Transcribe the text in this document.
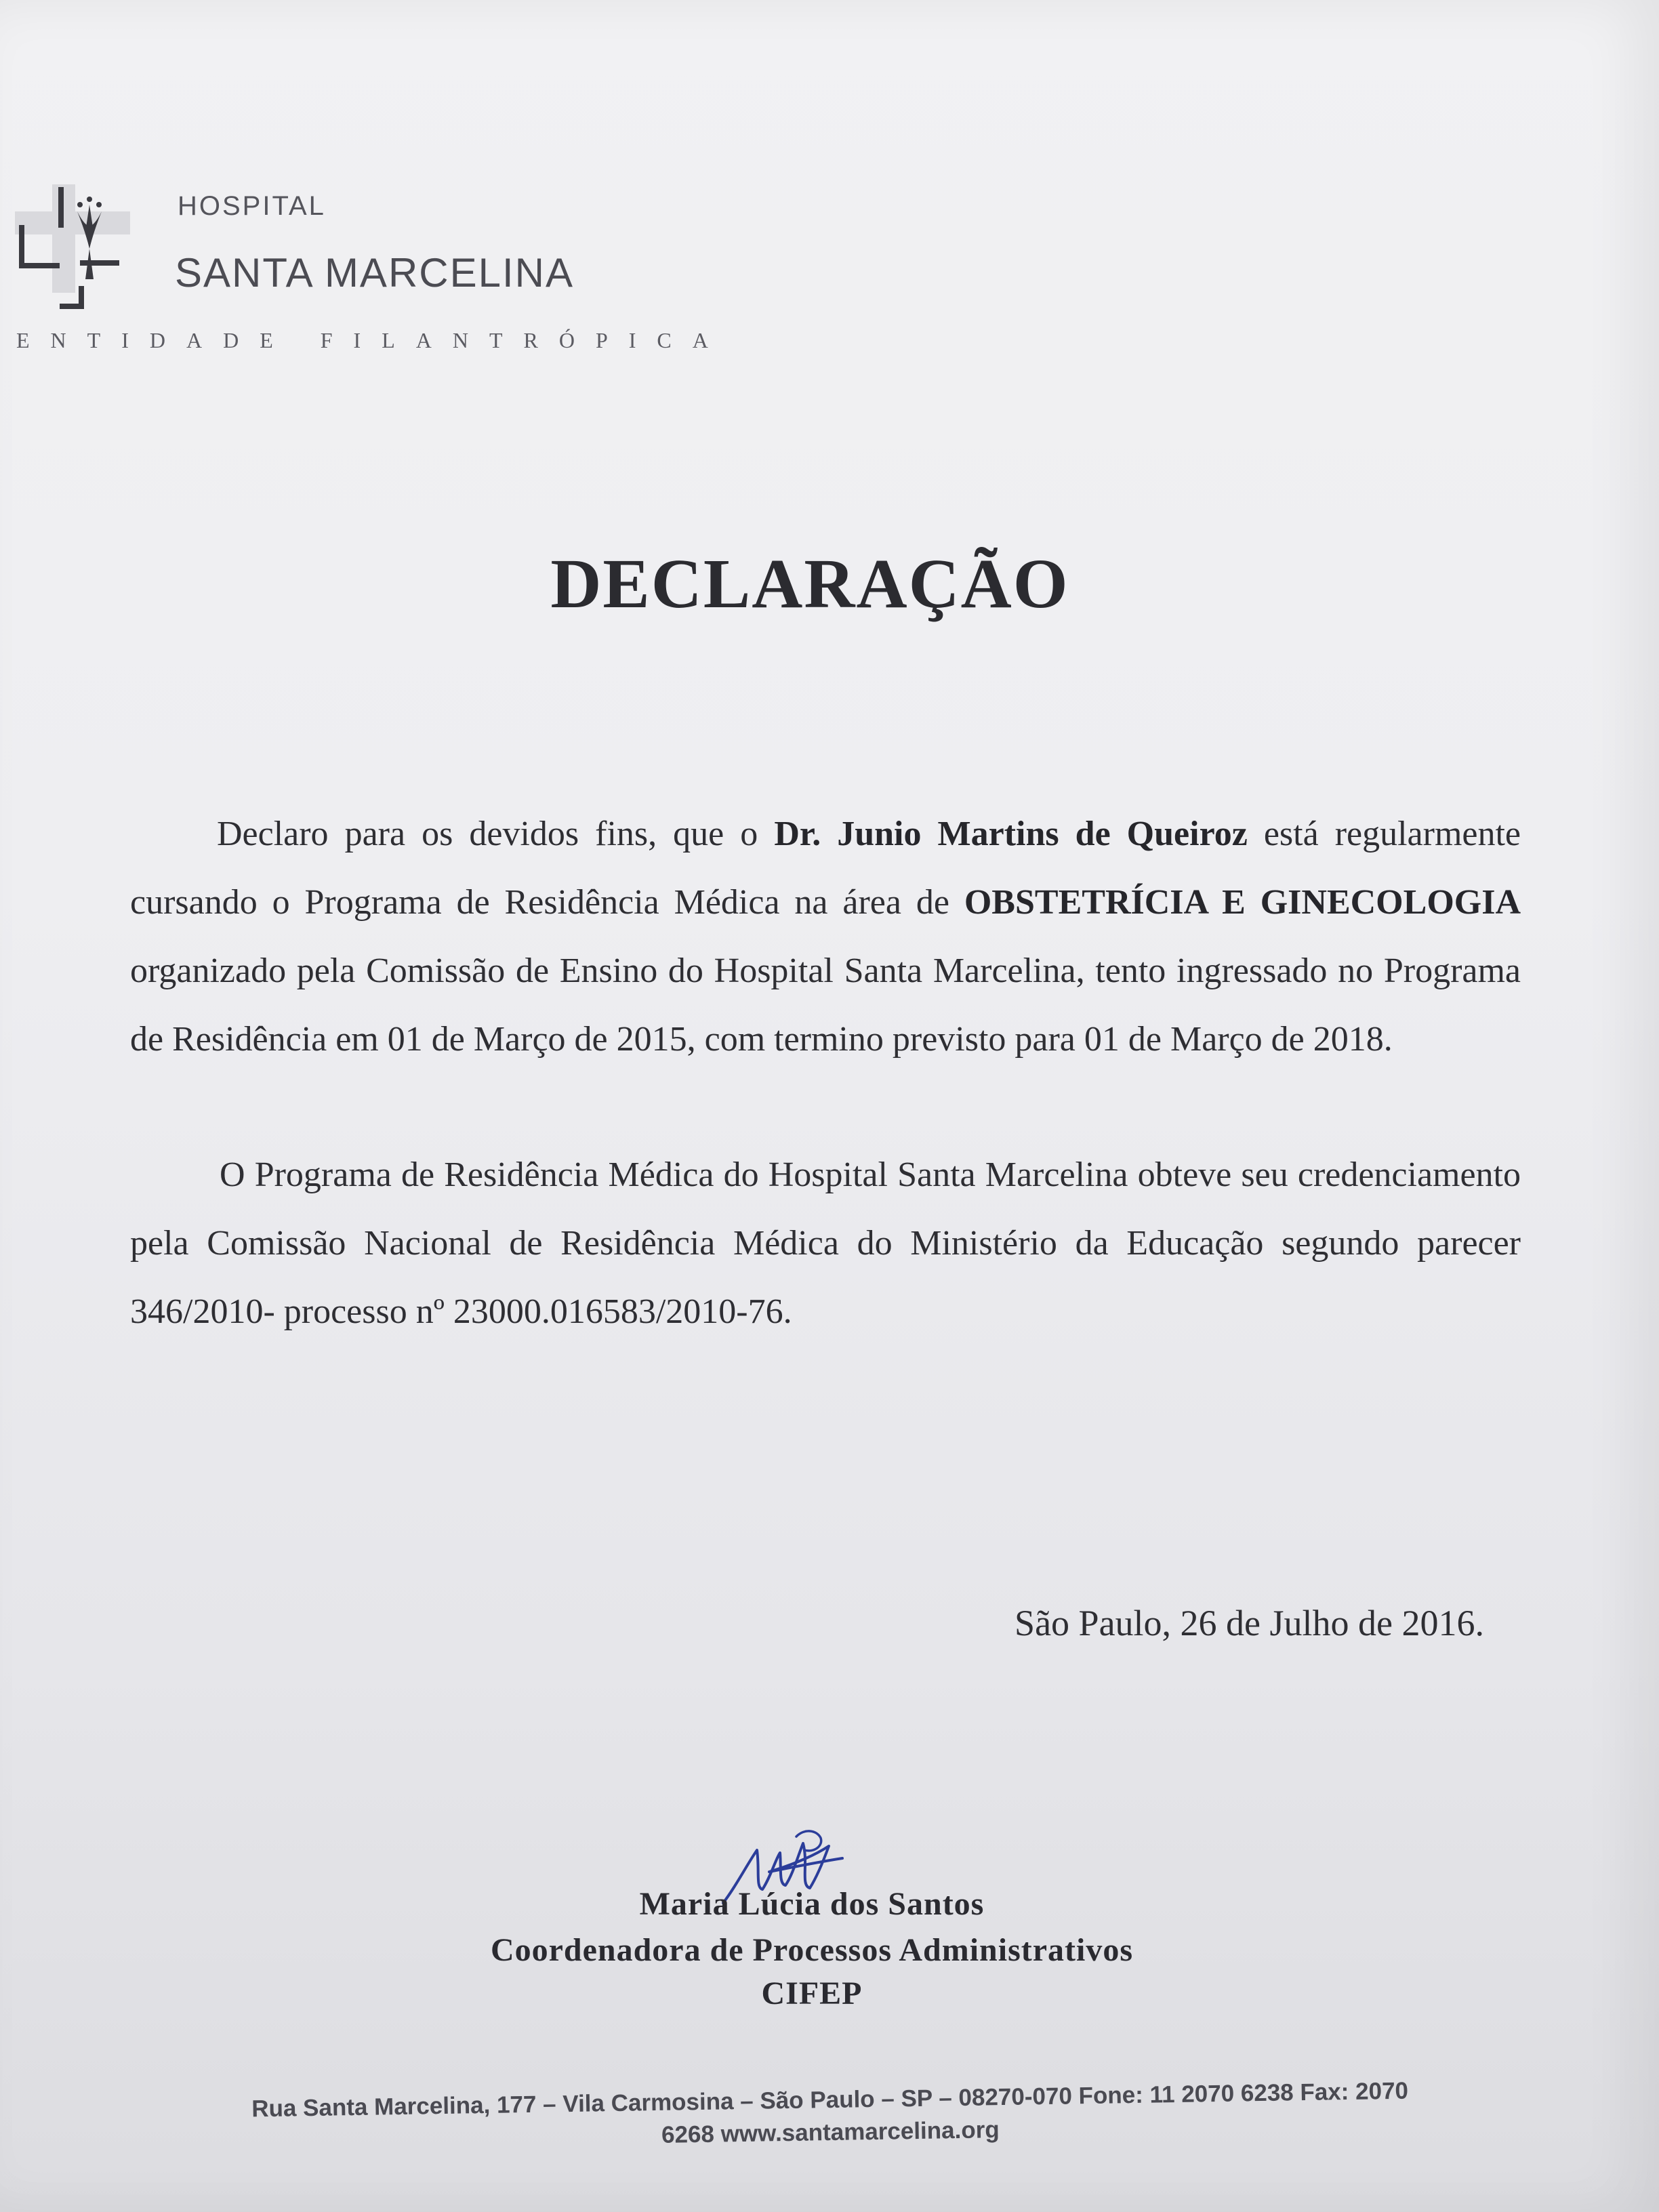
HOSPITAL
SANTA MARCELINA
ENTIDADE FILANTRÓPICA
DECLARAÇÃO
Declaro para os devidos fins, que o Dr. Junio Martins de Queiroz está regularmente cursando o Programa de Residência Médica na área de OBSTETRÍCIA E GINECOLOGIA organizado pela Comissão de Ensino do Hospital Santa Marcelina, tento ingressado no Programa de Residência em 01 de Março de 2015, com termino previsto para 01 de Março de 2018.
O Programa de Residência Médica do Hospital Santa Marcelina obteve seu credenciamento pela Comissão Nacional de Residência Médica do Ministério da Educação segundo parecer 346/2010- processo nº 23000.016583/2010-76.
São Paulo, 26 de Julho de 2016.
Maria Lúcia dos Santos
Coordenadora de Processos Administrativos
CIFEP
Rua Santa Marcelina, 177 – Vila Carmosina – São Paulo – SP – 08270-070 Fone: 11 2070 6238 Fax: 2070
6268 www.santamarcelina.org
